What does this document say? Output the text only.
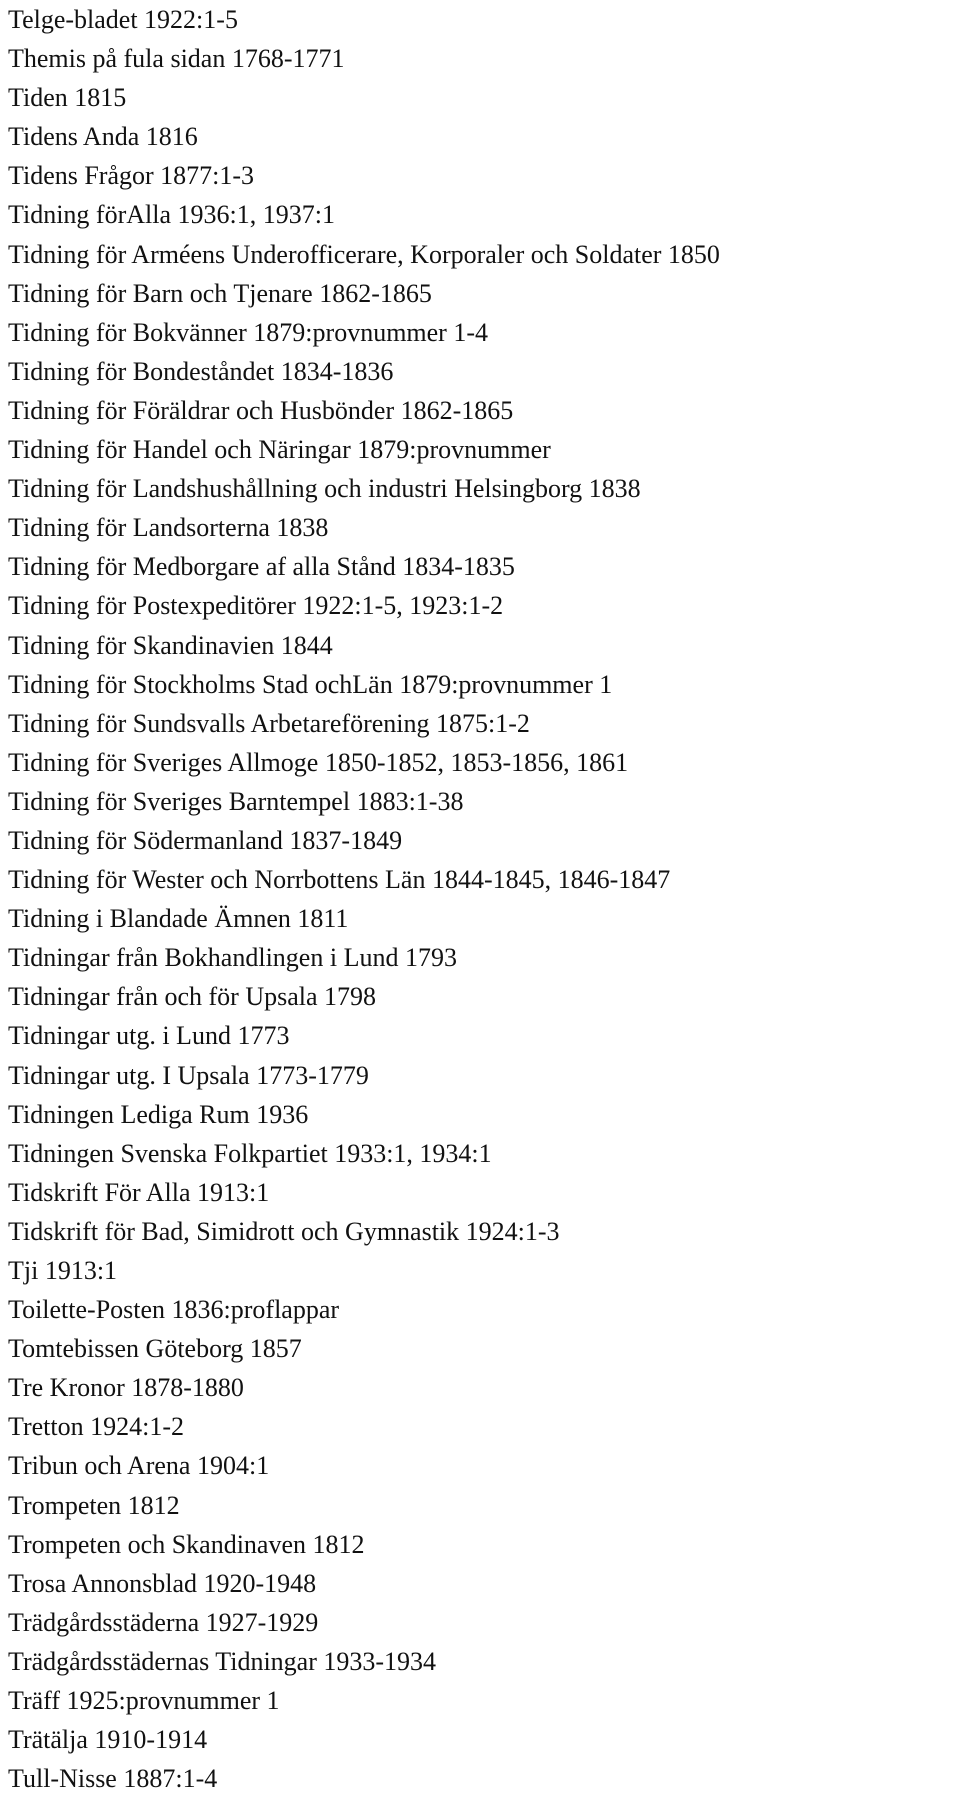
Telge-bladet 1922:1-5
Themis på fula sidan 1768-1771
Tiden 1815
Tidens Anda 1816
Tidens Frågor 1877:1-3
Tidning förAlla 1936:1, 1937:1
Tidning för Arméens Underofficerare, Korporaler och Soldater 1850
Tidning för Barn och Tjenare 1862-1865
Tidning för Bokvänner 1879:provnummer 1-4
Tidning för Bondeståndet 1834-1836
Tidning för Föräldrar och Husbönder 1862-1865
Tidning för Handel och Näringar 1879:provnummer
Tidning för Landshushållning och industri Helsingborg 1838
Tidning för Landsorterna 1838
Tidning för Medborgare af alla Stånd 1834-1835
Tidning för Postexpeditörer 1922:1-5, 1923:1-2
Tidning för Skandinavien 1844
Tidning för Stockholms Stad ochLän 1879:provnummer 1
Tidning för Sundsvalls Arbetareförening 1875:1-2
Tidning för Sveriges Allmoge 1850-1852, 1853-1856, 1861
Tidning för Sveriges Barntempel 1883:1-38
Tidning för Södermanland 1837-1849
Tidning för Wester och Norrbottens Län 1844-1845, 1846-1847
Tidning i Blandade Ämnen 1811
Tidningar från Bokhandlingen i Lund 1793
Tidningar från och för Upsala 1798
Tidningar utg. i Lund 1773
Tidningar utg. I Upsala 1773-1779
Tidningen Lediga Rum 1936
Tidningen Svenska Folkpartiet 1933:1, 1934:1
Tidskrift För Alla 1913:1
Tidskrift för Bad, Simidrott och Gymnastik 1924:1-3
Tji 1913:1
Toilette-Posten 1836:proflappar
Tomtebissen Göteborg 1857
Tre Kronor 1878-1880
Tretton 1924:1-2
Tribun och Arena 1904:1
Trompeten 1812
Trompeten och Skandinaven 1812
Trosa Annonsblad 1920-1948
Trädgårdsstäderna 1927-1929
Trädgårdsstädernas Tidningar 1933-1934
Träff 1925:provnummer 1
Trätälja 1910-1914
Tull-Nisse 1887:1-4
